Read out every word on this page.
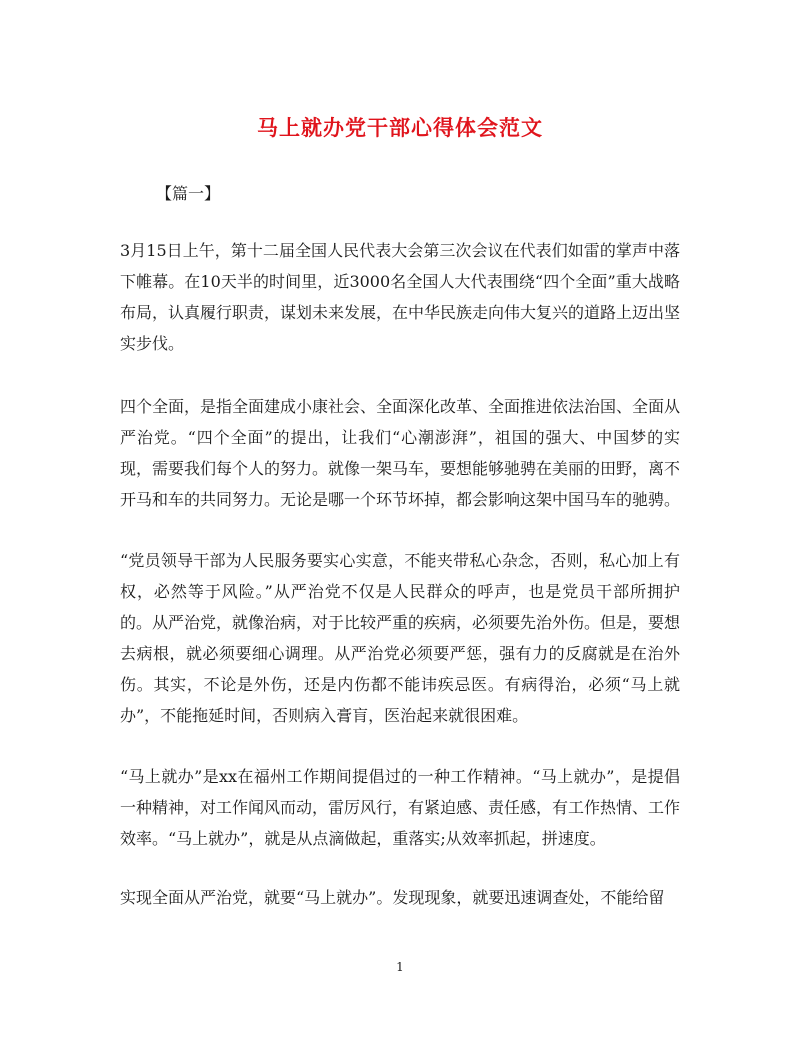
马上就办党干部心得体会范文
【篇一】
3月15日上午，第十二届全国人民代表大会第三次会议在代表们如雷的掌声中落下帷幕。在10天半的时间里，近3000名全国人大代表围绕“四个全面”重大战略布局，认真履行职责，谋划未来发展，在中华民族走向伟大复兴的道路上迈出坚实步伐。
四个全面，是指全面建成小康社会、全面深化改革、全面推进依法治国、全面从严治党。“四个全面”的提出，让我们“心潮澎湃”，祖国的强大、中国梦的实现，需要我们每个人的努力。就像一架马车，要想能够驰骋在美丽的田野，离不开马和车的共同努力。无论是哪一个环节坏掉，都会影响这架中国马车的驰骋。
“党员领导干部为人民服务要实心实意，不能夹带私心杂念，否则，私心加上有权，必然等于风险。”从严治党不仅是人民群众的呼声，也是党员干部所拥护的。从严治党，就像治病，对于比较严重的疾病，必须要先治外伤。但是，要想去病根，就必须要细心调理。从严治党必须要严惩，强有力的反腐就是在治外伤。其实，不论是外伤，还是内伤都不能讳疾忌医。有病得治，必须“马上就办”，不能拖延时间，否则病入膏肓，医治起来就很困难。
“马上就办”是xx在福州工作期间提倡过的一种工作精神。“马上就办”，是提倡一种精神，对工作闻风而动，雷厉风行，有紧迫感、责任感，有工作热情、工作效率。“马上就办”，就是从点滴做起，重落实;从效率抓起，拼速度。
实现全面从严治党，就要“马上就办”。发现现象，就要迅速调查处，不能给留
1
